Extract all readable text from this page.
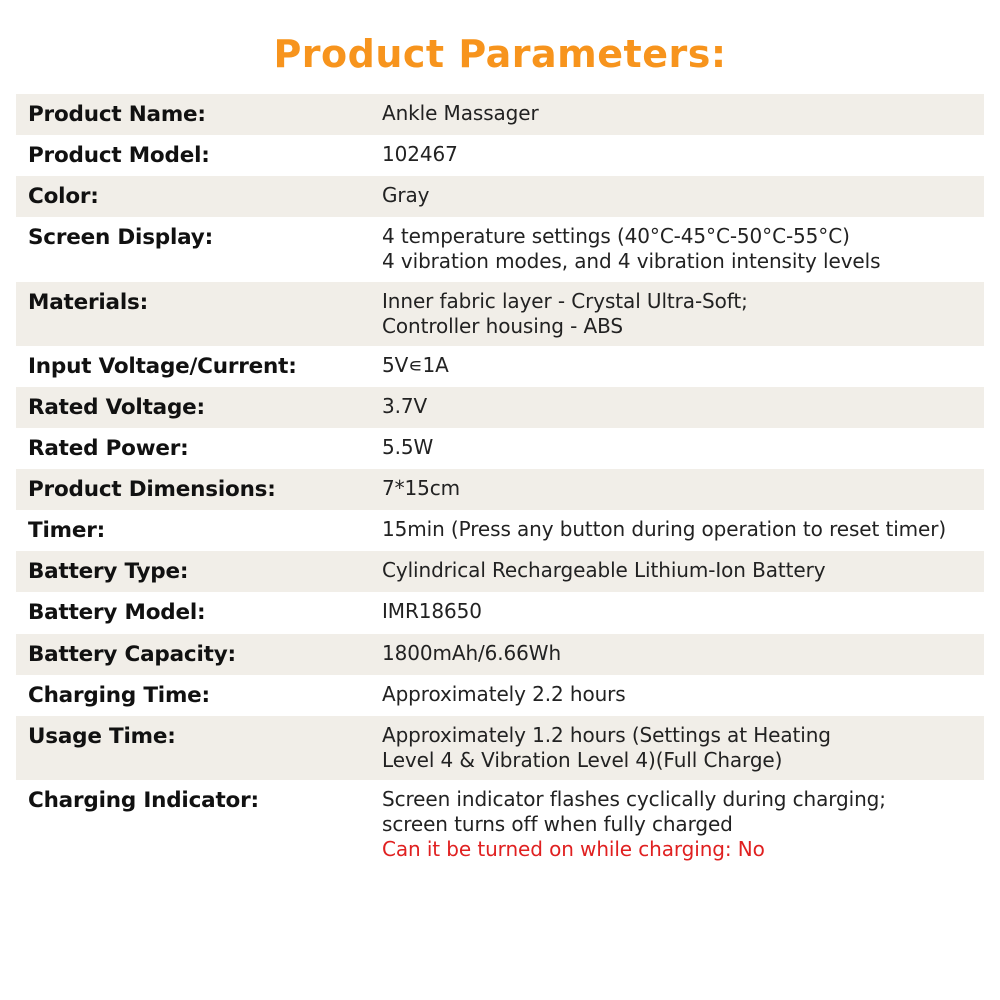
Product Parameters:
Product Name:	Ankle Massager

Product Model:	102467

Color:	Gray

Screen Display:	4 temperature settings (40°C-45°C-50°C-55°C)
4 vibration modes, and 4 vibration intensity levels

Materials:	Inner fabric layer - Crystal Ultra-Soft;
Controller housing - ABS

Input Voltage/Current:	5V∊1A

Rated Voltage:	3.7V

Rated Power:	5.5W

Product Dimensions:	7*15cm

Timer:	15min (Press any button during operation to reset timer)

Battery Type:	Cylindrical Rechargeable Lithium-Ion Battery

Battery Model:	IMR18650

Battery Capacity:	1800mAh/6.66Wh

Charging Time:	Approximately 2.2 hours

Usage Time:	Approximately 1.2 hours (Settings at Heating
Level 4 & Vibration Level 4)(Full Charge)

Charging Indicator:	Screen indicator flashes cyclically during charging;
screen turns off when fully charged
Can it be turned on while charging: No
